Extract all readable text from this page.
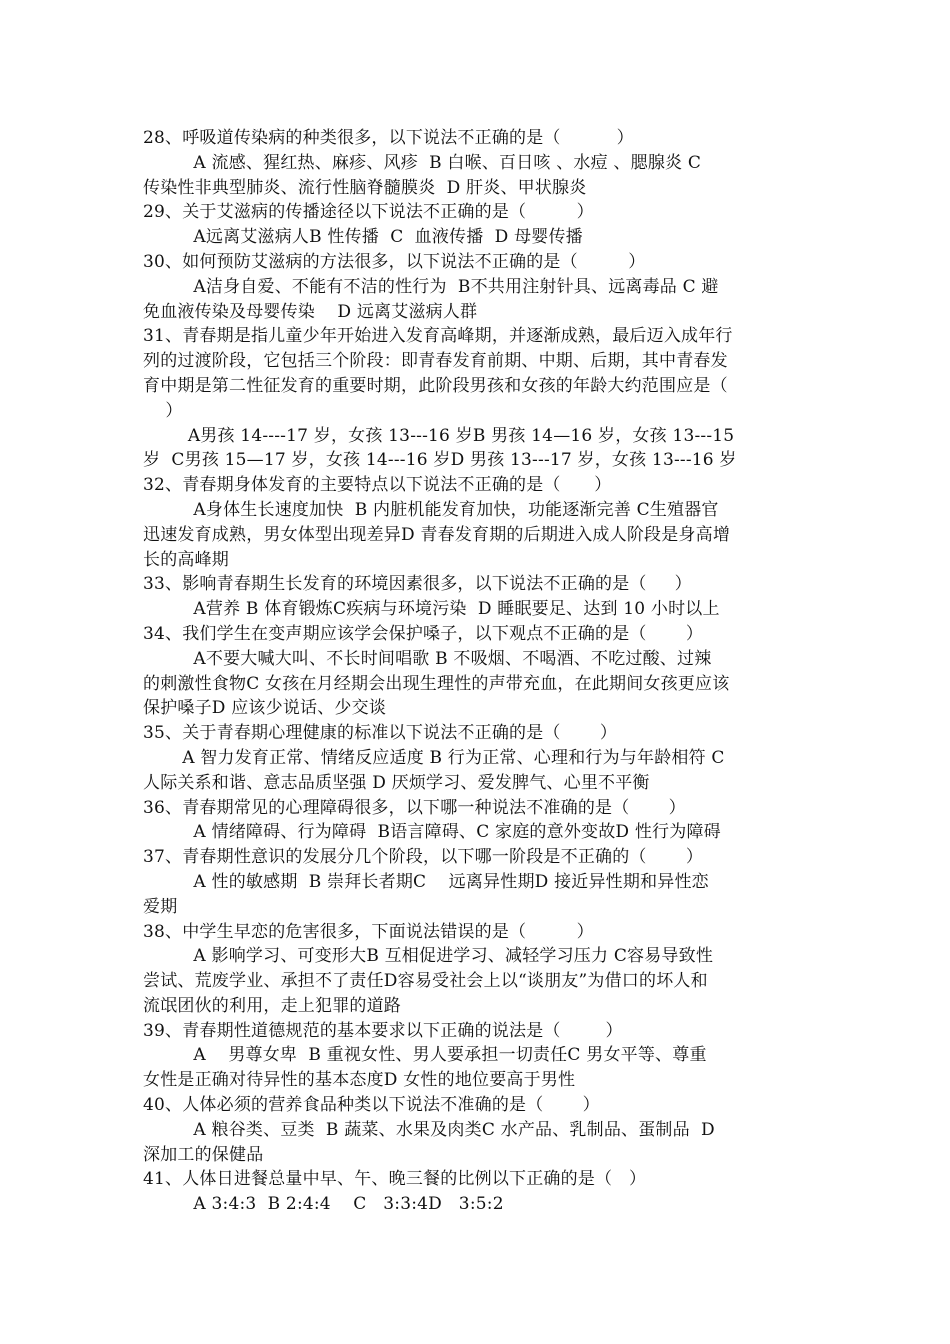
28、呼吸道传染病的种类很多，以下说法不正确的是（          ）
A 流感、猩红热、麻疹、风疹  B 白喉、百日咳 、水痘 、腮腺炎 C
传染性非典型肺炎、流行性脑脊髓膜炎  D 肝炎、甲状腺炎
29、关于艾滋病的传播途径以下说法不正确的是（         ）
A远离艾滋病人B 性传播  C  血液传播  D 母婴传播
30、如何预防艾滋病的方法很多，以下说法不正确的是（         ）
A洁身自爱、不能有不洁的性行为  B不共用注射针具、远离毒品 C 避
免血液传染及母婴传染    D 远离艾滋病人群
31、青春期是指儿童少年开始进入发育高峰期，并逐渐成熟，最后迈入成年行
列的过渡阶段，它包括三个阶段：即青春发育前期、中期、后期，其中青春发
育中期是第二性征发育的重要时期，此阶段男孩和女孩的年龄大约范围应是（
）
A男孩 14----17 岁，女孩 13---16 岁B 男孩 14—16 岁，女孩 13---15
岁  C男孩 15—17 岁，女孩 14---16 岁D 男孩 13---17 岁，女孩 13---16 岁
32、青春期身体发育的主要特点以下说法不正确的是（      ）
A身体生长速度加快  B 内脏机能发育加快，功能逐渐完善 C生殖器官
迅速发育成熟，男女体型出现差异D 青春发育期的后期进入成人阶段是身高增
长的高峰期
33、影响青春期生长发育的环境因素很多，以下说法不正确的是（     ）
A营养 B 体育锻炼C疾病与环境污染  D 睡眠要足、达到 10 小时以上
34、我们学生在变声期应该学会保护嗓子，以下观点不正确的是（       ）
A不要大喊大叫、不长时间唱歌 B 不吸烟、不喝酒、不吃过酸、过辣
的刺激性食物C 女孩在月经期会出现生理性的声带充血，在此期间女孩更应该
保护嗓子D 应该少说话、少交谈
35、关于青春期心理健康的标准以下说法不正确的是（       ）
A 智力发育正常、情绪反应适度 B 行为正常、心理和行为与年龄相符 C
人际关系和谐、意志品质坚强 D 厌烦学习、爱发脾气、心里不平衡
36、青春期常见的心理障碍很多，以下哪一种说法不准确的是（       ）
A 情绪障碍、行为障碍  B语言障碍、C 家庭的意外变故D 性行为障碍
37、青春期性意识的发展分几个阶段，以下哪一阶段是不正确的（       ）
A 性的敏感期  B 崇拜长者期C    远离异性期D 接近异性期和异性恋
爱期
38、中学生早恋的危害很多，下面说法错误的是（         ）
A 影响学习、可变形大B 互相促进学习、减轻学习压力 C容易导致性
尝试、荒废学业、承担不了责任D容易受社会上以“谈朋友”为借口的坏人和
流氓团伙的利用，走上犯罪的道路
39、青春期性道德规范的基本要求以下正确的说法是（        ）
A    男尊女卑  B 重视女性、男人要承担一切责任C 男女平等、尊重
女性是正确对待异性的基本态度D 女性的地位要高于男性
40、人体必须的营养食品种类以下说法不准确的是（       ）
A 粮谷类、豆类  B 蔬菜、水果及肉类C 水产品、乳制品、蛋制品  D
深加工的保健品
41、人体日进餐总量中早、午、晚三餐的比例以下正确的是（   ）
A 3:4:3  B 2:4:4    C   3:3:4D   3:5:2
